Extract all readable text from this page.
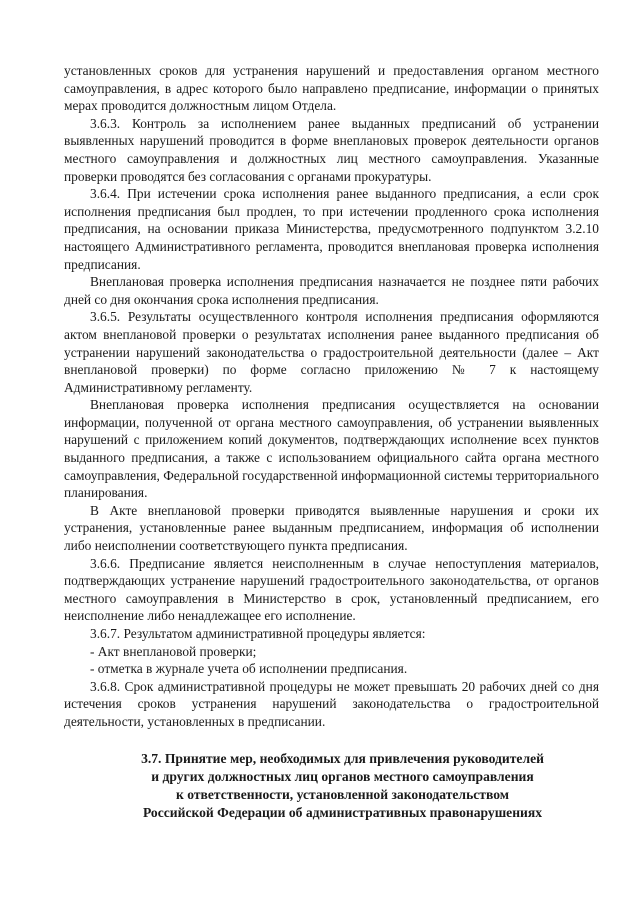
установленных сроков для устранения нарушений и предоставления органом местного самоуправления, в адрес которого было направлено предписание, информации о принятых мерах проводится должностным лицом Отдела.

3.6.3. Контроль за исполнением ранее выданных предписаний об устранении выявленных нарушений проводится в форме внеплановых проверок деятельности органов местного самоуправления и должностных лиц местного самоуправления. Указанные проверки проводятся без согласования с органами прокуратуры.

3.6.4. При истечении срока исполнения ранее выданного предписания, а если срок исполнения предписания был продлен, то при истечении продленного срока исполнения предписания, на основании приказа Министерства, предусмотренного подпунктом 3.2.10 настоящего Административного регламента, проводится внеплановая проверка исполнения предписания.

Внеплановая проверка исполнения предписания назначается не позднее пяти рабочих дней со дня окончания срока исполнения предписания.

3.6.5. Результаты осуществленного контроля исполнения предписания оформляются актом внеплановой проверки о результатах исполнения ранее выданного предписания об устранении нарушений законодательства о градостроительной деятельности (далее – Акт внеплановой проверки) по форме согласно приложению № 7 к настоящему Административному регламенту.

Внеплановая проверка исполнения предписания осуществляется на основании информации, полученной от органа местного самоуправления, об устранении выявленных нарушений с приложением копий документов, подтверждающих исполнение всех пунктов выданного предписания, а также с использованием официального сайта органа местного самоуправления, Федеральной государственной информационной системы территориального планирования.

В Акте внеплановой проверки приводятся выявленные нарушения и сроки их устранения, установленные ранее выданным предписанием, информация об исполнении либо неисполнении соответствующего пункта предписания.

3.6.6. Предписание является неисполненным в случае непоступления материалов, подтверждающих устранение нарушений градостроительного законодательства, от органов местного самоуправления в Министерство в срок, установленный предписанием, его неисполнение либо ненадлежащее его исполнение.

3.6.7. Результатом административной процедуры является:

- Акт внеплановой проверки;

- отметка в журнале учета об исполнении предписания.

3.6.8. Срок административной процедуры не может превышать 20 рабочих дней со дня истечения сроков устранения нарушений законодательства о градостроительной деятельности, установленных в предписании.

3.7. Принятие мер, необходимых для привлечения руководителей
и других должностных лиц органов местного самоуправления
к ответственности, установленной законодательством
Российской Федерации об административных правонарушениях
